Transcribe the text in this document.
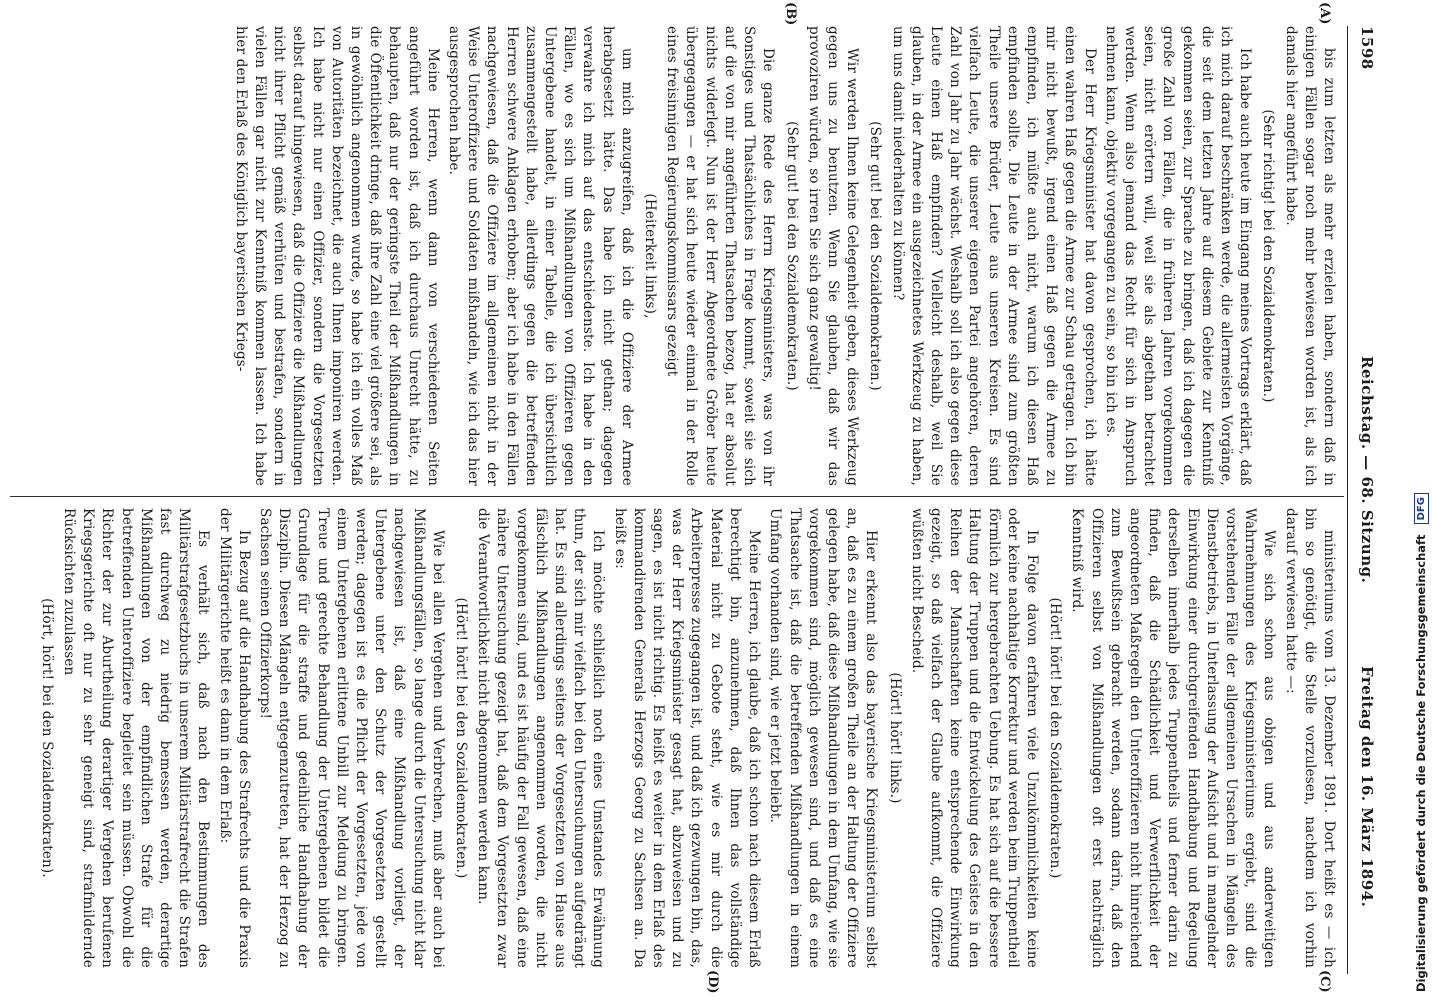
1598
Reichstag. — 68. Sitzung.
Freitag den 16. März 1894.
(A)
(B)
(C)
(D)

bis zum letzten als mehr erzielen haben, sondern daß in einigen Fällen sogar noch mehr bewiesen worden ist, als ich damals hier angeführt habe.

(Sehr richtig! bei den Sozialdemokraten.)

Ich habe auch heute im Eingang meines Vortrags erklärt, daß ich mich darauf beschränken werde, die allermeisten Vorgänge, die seit dem letzten Jahre auf diesem Gebiete zur Kenntniß gekommen seien, zur Sprache zu bringen, daß ich dagegen die große Zahl von Fällen, die in früheren Jahren vorgekommen seien, nicht erörtern will, weil sie als abgethan betrachtet werden. Wenn also jemand das Recht für sich in Anspruch nehmen kann, objektiv vorgegangen zu sein, so bin ich es.

Der Herr Kriegsminister hat davon gesprochen, ich hätte einen wahren Haß gegen die Armee zur Schau getragen. Ich bin mir nicht bewußt, irgend einen Haß gegen die Armee zu empfinden, ich müßte auch nicht, warum ich diesen Haß empfinden sollte. Die Leute in der Armee sind zum größten Theile unsere Brüder, Leute aus unseren Kreisen. Es sind vielfach Leute, die unserer eigenen Partei angehören, deren Zahl von Jahr zu Jahr wächst. Weshalb soll ich also gegen diese Leute einen Haß empfinden? Vielleicht deshalb, weil Sie glauben, in der Armee ein ausgezeichnetes Werkzeug zu haben, um uns damit niederhalten zu können?

(Sehr gut! bei den Sozialdemokraten.)

Wir werden Ihnen keine Gelegenheit geben, dieses Werkzeug gegen uns zu benutzen. Wenn Sie glauben, daß wir das provoziren würden, so irren Sie sich ganz gewaltig!

(Sehr gut! bei den Sozialdemokraten.)

Die ganze Rede des Herrn Kriegsministers, was von ihr Sonstiges und Thatsächliches in Frage kommt, soweit sie sich auf die von mir angeführten Thatsachen bezog, hat er absolut nichts widerlegt. Nun ist der Herr Abgeordnete Gröber heute übergegangen — er hat sich heute wieder einmal in der Rolle eines freisinnigen Regierungskommissars gezeigt

(Heiterkeit links),

um mich anzugreifen, daß ich die Offiziere der Armee herabgesetzt hätte. Das habe ich nicht gethan; dagegen verwahre ich mich auf das entschiedenste. Ich habe in den Fällen, wo es sich um Mißhandlungen von Offizieren gegen Untergebene handelt, in einer Tabelle, die ich übersichtlich zusammengestellt habe, allerdings gegen die betreffenden Herren schwere Anklagen erhoben; aber ich habe in den Fällen nachgewiesen, daß die Offiziere im allgemeinen nicht in der Weise Unteroffiziere und Soldaten mißhandeln, wie ich das hier ausgesprochen habe.

Meine Herren, wenn dann von verschiedenen Seiten angeführt worden ist, daß ich durchaus Unrecht hätte, zu behaupten, daß nur der geringste Theil der Mißhandlungen in die Öffentlichkeit dringe, daß ihre Zahl eine viel größere sei, als in gewöhnlich angenommen wurde, so habe ich ein volles Maß von Autoritäten bezeichnet, die auch Ihnen imponiren werden. Ich habe nicht nur einen Offizier, sondern die Vorgesetzten selbst darauf hingewiesen, daß die Offiziere die Mißhandlungen nicht ihrer Pflicht gemäß verhüten und bestrafen, sondern in vielen Fällen gar nicht zur Kenntniß kommen lassen. Ich habe hier den Erlaß des Königlich bayerischen Kriegs-

ministeriums vom 13. Dezember 1891. Dort heißt es — ich bin so genötigt, die Stelle vorzulesen, nachdem ich vorhin darauf verwiesen hatte —:

Wie sich schon aus obigen und aus anderweitigen Wahrnehmungen des Kriegsministeriums ergiebt, sind die vorstehenden Fälle der allgemeinen Ursachen in Mängeln des Dienstbetriebs, in Unterlassung der Aufsicht und in mangelnder Einwirkung einer durchgreifenden Handhabung und Regelung derselben innerhalb jedes Truppentheils und ferner darin zu finden, daß die Schädlichkeit und Verwerflichkeit der angeordneten Maßregeln den Unteroffizieren nicht hinreichend zum Bewußtsein gebracht werden, sodann darin, daß den Offizieren selbst von Mißhandlungen oft erst nachträglich Kenntniß wird.

(Hört! hört! bei den Sozialdemokraten.)

In Folge davon erfahren viele Unzukömmlichkeiten keine oder keine nachhaltige Korrektur und werden beim Truppentheil förmlich zur hergebrachten Uebung. Es hat sich auf die bessere Haltung der Truppen und die Entwickelung des Geistes in den Reihen der Mannschaften keine entsprechende Einwirkung gezeigt, so daß vielfach der Glaube aufkommt, die Offiziere wüßten nicht Bescheid.

(Hört! hört! links.)

Hier erkennt also das bayerische Kriegsministerium selbst an, daß es zu einem großen Theile an der Haltung der Offiziere gelegen habe, daß diese Mißhandlungen in dem Umfang, wie sie vorgekommen sind, möglich gewesen sind, und daß es eine Thatsache ist, daß die betreffenden Mißhandlungen in einem Umfang vorhanden sind, wie er jetzt beliebt.

Meine Herren, ich glaube, daß ich schon nach diesem Erlaß berechtigt bin, anzunehmen, daß Ihnen das vollständige Material nicht zu Gebote steht, wie es mir durch die Arbeiterpresse zugegangen ist, und daß ich gezwungen bin, das, was der Herr Kriegsminister gesagt hat, abzuweisen und zu sagen, es ist nicht richtig. Es heißt es weiter in dem Erlaß des kommandirenden Generals Herzogs Georg zu Sachsen an. Da heißt es:

Ich möchte schließlich noch eines Umstandes Erwähnung thun, der sich mir vielfach bei den Untersuchungen aufgedrängt hat. Es sind allerdings seitens der Vorgesetzten von Hause aus fälschlich Mißhandlungen angenommen worden, die nicht vorgekommen sind, und es ist häufig der Fall gewesen, daß eine nähere Untersuchung gezeigt hat, daß dem Vorgesetzten zwar die Verantwortlichkeit nicht abgenommen werden kann.

(Hört! hört! bei den Sozialdemokraten.)

Wie bei allen Vergehen und Verbrechen, muß aber auch bei Mißhandlungsfällen, so lange durch die Untersuchung nicht klar nachgewiesen ist, daß eine Mißhandlung vorliegt, der Untergebene unter den Schutz der Vorgesetzten gestellt werden; dagegen ist es die Pflicht der Vorgesetzten, jede von einem Untergebenen erlittene Unbill zur Meldung zu bringen. Treue und gerechte Behandlung der Untergebenen bildet die Grundlage für die straffe und gedeihliche Handhabung der Disziplin. Diesen Mängeln entgegenzutreten, hat der Herzog zu Sachsen seinen Offizierkorps!

In Bezug auf die Handhabung des Strafrechts und die Praxis der Militärgerichte heißt es dann in dem Erlaß:

Es verhält sich, daß nach den Bestimmungen des Militärstrafgesetzbuchs in unserem Militärstrafrecht die Strafen fast durchweg zu niedrig bemessen werden, derartige Mißhandlungen von der empfindlichen Strafe für die betreffenden Unteroffiziere begleitet sein müssen. Obwohl die Richter der zur Aburtheilung derartiger Vergehen berufenen Kriegsgerichte oft nur zu sehr geneigt sind, strafmildernde Rücksichten zuzulassen

(Hört, hört! bei den Sozialdemokraten).	Digitalisierung gefördert durch die Deutsche Forschungsgemeinschaft DFG
